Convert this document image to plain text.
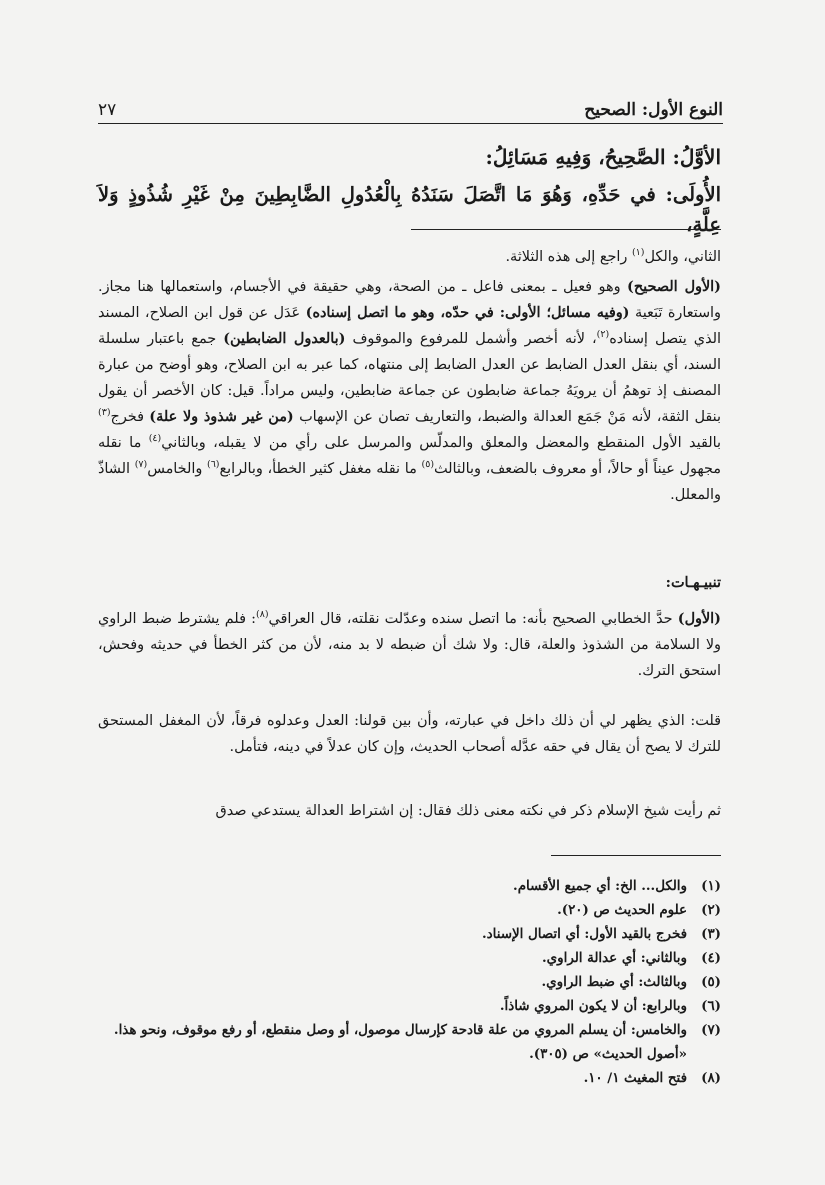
النوع الأول: الصحيح
٢٧
الأوَّلُ: الصَّحِيحُ، وَفِيهِ مَسَائِلُ:
الأُولَى: في حَدِّهِ، وَهُوَ مَا اتَّصَلَ سَنَدُهُ بِالْعُدُولِ الضَّابِطِينَ مِنْ غَيْرِ شُذُوذٍ وَلاَ عِلَّةٍ،
الثاني، والكل$^{(١)}$ راجع إلى هذه الثلاثة.
(الأول الصحيح) وهو فعيل ـ بمعنى فاعل ـ من الصحة، وهي حقيقة في الأجسام، واستعمالها هنا مجاز. واستعارة تَبَعية (وفيه مسائل؛ الأولى: في حدّه، وهو ما اتصل إسناده) عَدَل عن قول ابن الصلاح، المسند الذي يتصل إسناده$^{(٢)}$، لأنه أخصر وأشمل للمرفوع والموقوف (بالعدول الضابطين) جمع باعتبار سلسلة السند، أي بنقل العدل الضابط عن العدل الضابط إلى منتهاه، كما عبر به ابن الصلاح، وهو أوضح من عبارة المصنف إذ توهمُ أن يرويَهُ جماعة ضابطون عن جماعة ضابطين، وليس مراداً. قيل: كان الأخصر أن يقول بنقل الثقة، لأنه مَنْ جَمَع العدالة والضبط، والتعاريف تصان عن الإسهاب (من غير شذوذ ولا علة) فخرج$^{(٣)}$ بالقيد الأول المنقطع والمعضل والمعلق والمدلّس والمرسل على رأي من لا يقبله، وبالثاني$^{(٤)}$ ما نقله مجهول عيناً أو حالاً، أو معروف بالضعف، وبالثالث$^{(٥)}$ ما نقله مغفل كثير الخطأ، وبالرابع$^{(٦)}$ والخامس$^{(٧)}$ الشاذّ والمعلل.
تنبيـهـات:
(الأول) حدَّ الخطابي الصحيح بأنه: ما اتصل سنده وعدّلت نقلته، قال العراقي$^{(٨)}$: فلم يشترط ضبط الراوي ولا السلامة من الشذوذ والعلة، قال: ولا شك أن ضبطه لا بد منه، لأن من كثر الخطأ في حديثه وفحش، استحق الترك.
قلت: الذي يظهر لي أن ذلك داخل في عبارته، وأن بين قولنا: العدل وعدلوه فرقاً، لأن المغفل المستحق للترك لا يصح أن يقال في حقه عدَّله أصحاب الحديث، وإن كان عدلاً في دينه، فتأمل.
ثم رأيت شيخ الإسلام ذكر في نكته معنى ذلك فقال: إن اشتراط العدالة يستدعي صدق
(١)
والكل... الخ: أي جميع الأقسام.
(٢)
علوم الحديث ص (٢٠).
(٣)
فخرج بالقيد الأول: أي اتصال الإسناد.
(٤)
وبالثاني: أي عدالة الراوي.
(٥)
وبالثالث: أي ضبط الراوي.
(٦)
وبالرابع: أن لا يكون المروي شاذاً.
(٧)
والخامس: أن يسلم المروي من علة قادحة كإرسال موصول، أو وصل منقطع، أو رفع موقوف، ونحو هذا. «أصول الحديث» ص (٣٠٥).
(٨)
فتح المغيث ١/ ١٠.
